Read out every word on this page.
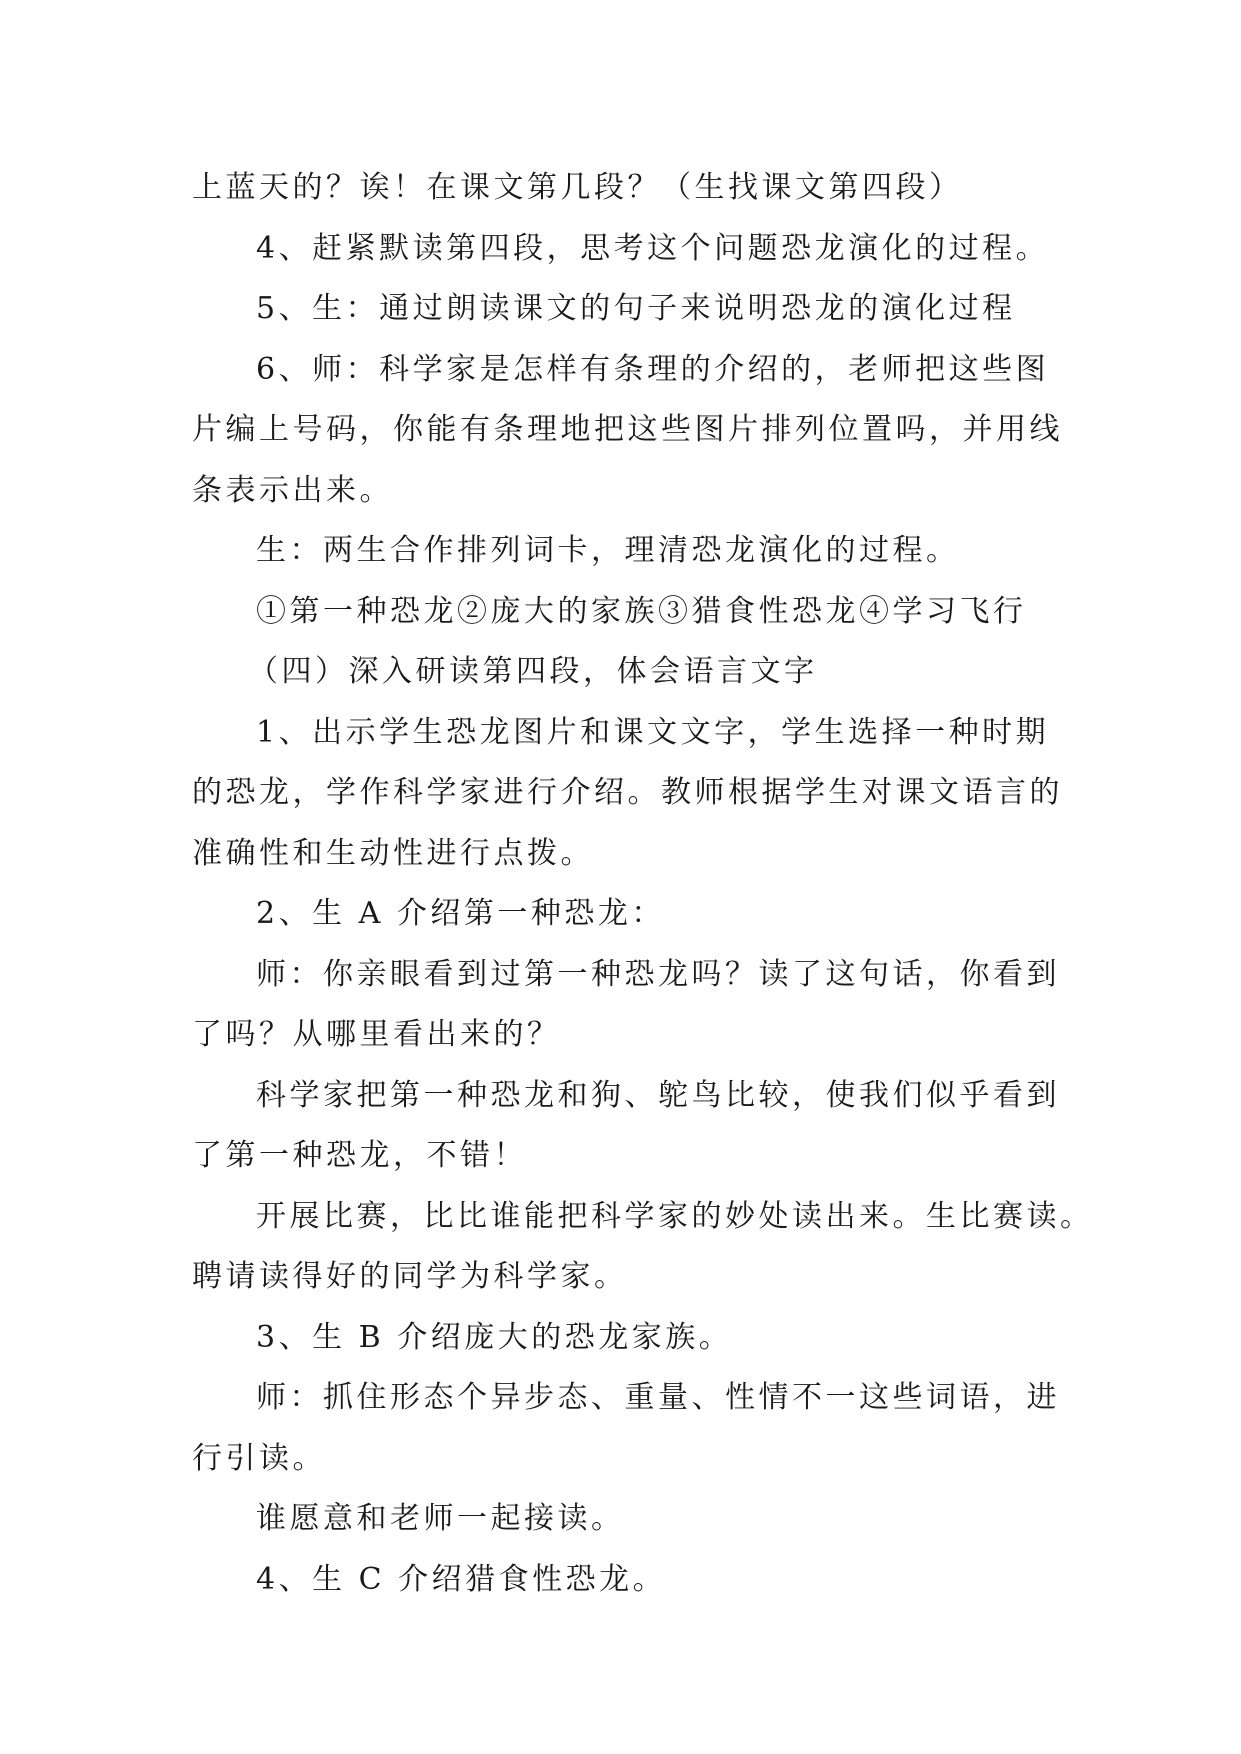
上蓝天的？诶！在课文第几段？（生找课文第四段）
4、赶紧默读第四段，思考这个问题恐龙演化的过程。
5、生：通过朗读课文的句子来说明恐龙的演化过程
6、师：科学家是怎样有条理的介绍的，老师把这些图
片编上号码，你能有条理地把这些图片排列位置吗，并用线
条表示出来。
生：两生合作排列词卡，理清恐龙演化的过程。
①第一种恐龙②庞大的家族③猎食性恐龙④学习飞行
（四）深入研读第四段，体会语言文字
1、出示学生恐龙图片和课文文字，学生选择一种时期
的恐龙，学作科学家进行介绍。教师根据学生对课文语言的
准确性和生动性进行点拨。
2、生 A 介绍第一种恐龙：
师：你亲眼看到过第一种恐龙吗？读了这句话，你看到
了吗？从哪里看出来的？
科学家把第一种恐龙和狗、鸵鸟比较，使我们似乎看到
了第一种恐龙，不错！
开展比赛，比比谁能把科学家的妙处读出来。生比赛读。
聘请读得好的同学为科学家。
3、生 B 介绍庞大的恐龙家族。
师：抓住形态个异步态、重量、性情不一这些词语，进
行引读。
谁愿意和老师一起接读。
4、生 C 介绍猎食性恐龙。
